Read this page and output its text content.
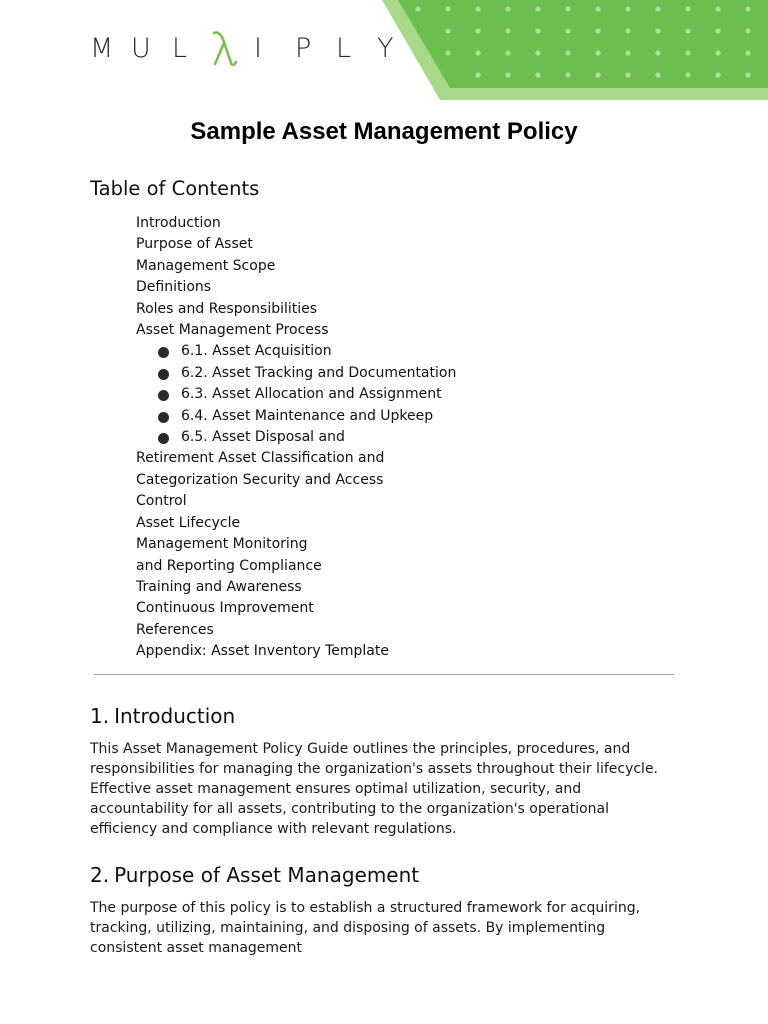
M U L	I	P L Y
Sample Asset Management Policy
Table of Contents
Introduction
Purpose of Asset
Management Scope
Definitions
Roles and Responsibilities
Asset Management Process
6.1. Asset Acquisition
6.2. Asset Tracking and Documentation
6.3. Asset Allocation and Assignment
6.4. Asset Maintenance and Upkeep
6.5. Asset Disposal and
Retirement Asset Classification and
Categorization Security and Access
Control
Asset Lifecycle
Management Monitoring
and Reporting Compliance
Training and Awareness
Continuous Improvement
References
Appendix: Asset Inventory Template
1. Introduction

This Asset Management Policy Guide outlines the principles, procedures, and responsibilities for managing the organization's assets throughout their lifecycle. Effective asset management ensures optimal utilization, security, and accountability for all assets, contributing to the organization's operational efficiency and compliance with relevant regulations.

2. Purpose of Asset Management

The purpose of this policy is to establish a structured framework for acquiring, tracking, utilizing, maintaining, and disposing of assets. By implementing consistent asset management
